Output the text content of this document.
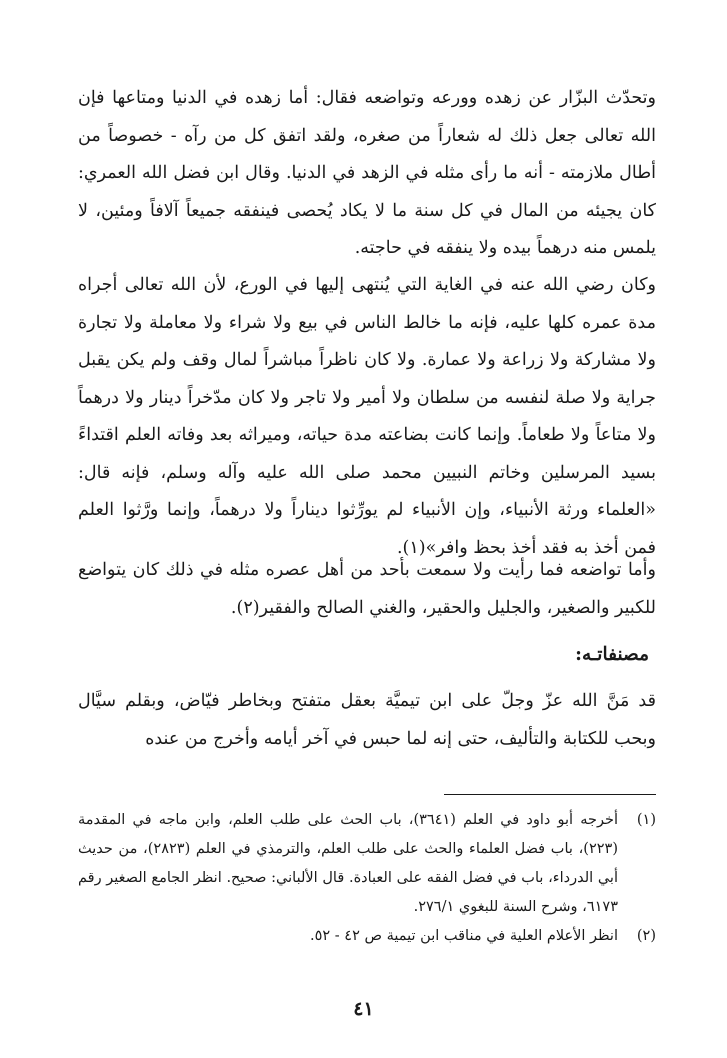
وتحدّث البزّار عن زهده وورعه وتواضعه فقال: أما زهده في الدنيا ومتاعها فإن الله تعالى جعل ذلك له شعاراً من صغره، ولقد اتفق كل من رآه - خصوصاً من أطال ملازمته - أنه ما رأى مثله في الزهد في الدنيا. وقال ابن فضل الله العمري: كان يجيئه من المال في كل سنة ما لا يكاد يُحصى فينفقه جميعاً آلافاً ومئين، لا يلمس منه درهماً بيده ولا ينفقه في حاجته.

وكان رضي الله عنه في الغاية التي يُنتهى إليها في الورع، لأن الله تعالى أجراه مدة عمره كلها عليه، فإنه ما خالط الناس في بيع ولا شراء ولا معاملة ولا تجارة ولا مشاركة ولا زراعة ولا عمارة. ولا كان ناظراً مباشراً لمال وقف ولم يكن يقبل جراية ولا صلة لنفسه من سلطان ولا أمير ولا تاجر ولا كان مدّخراً دينار ولا درهماً ولا متاعاً ولا طعاماً. وإنما كانت بضاعته مدة حياته، وميراثه بعد وفاته العلم اقتداءً بسيد المرسلين وخاتم النبيين محمد صلى الله عليه وآله وسلم، فإنه قال: «العلماء ورثة الأنبياء، وإن الأنبياء لم يورِّثوا ديناراً ولا درهماً، وإنما ورَّثوا العلم فمن أخذ به فقد أخذ بحظ وافر»(١).

وأما تواضعه فما رأيت ولا سمعت بأحد من أهل عصره مثله في ذلك كان يتواضع للكبير والصغير، والجليل والحقير، والغني الصالح والفقير(٢).

مصنفاتـه:

قد مَنَّ الله عزّ وجلّ على ابن تيميَّة بعقل متفتح وبخاطر فيّاض، وبقلم سيَّال وبحب للكتابة والتأليف، حتى إنه لما حبس في آخر أيامه وأخرج من عنده

(١)
أخرجه أبو داود في العلم (٣٦٤١)، باب الحث على طلب العلم، وابن ماجه في المقدمة (٢٢٣)، باب فضل العلماء والحث على طلب العلم، والترمذي في العلم (٢٨٢٣)، من حديث أبي الدرداء، باب في فضل الفقه على العبادة. قال الألباني: صحيح. انظر الجامع الصغير رقم ٦١٧٣، وشرح السنة للبغوي ٢٧٦/١.
(٢)
انظر الأعلام العلية في مناقب ابن تيمية ص ٤٢ - ٥٢.
٤١
